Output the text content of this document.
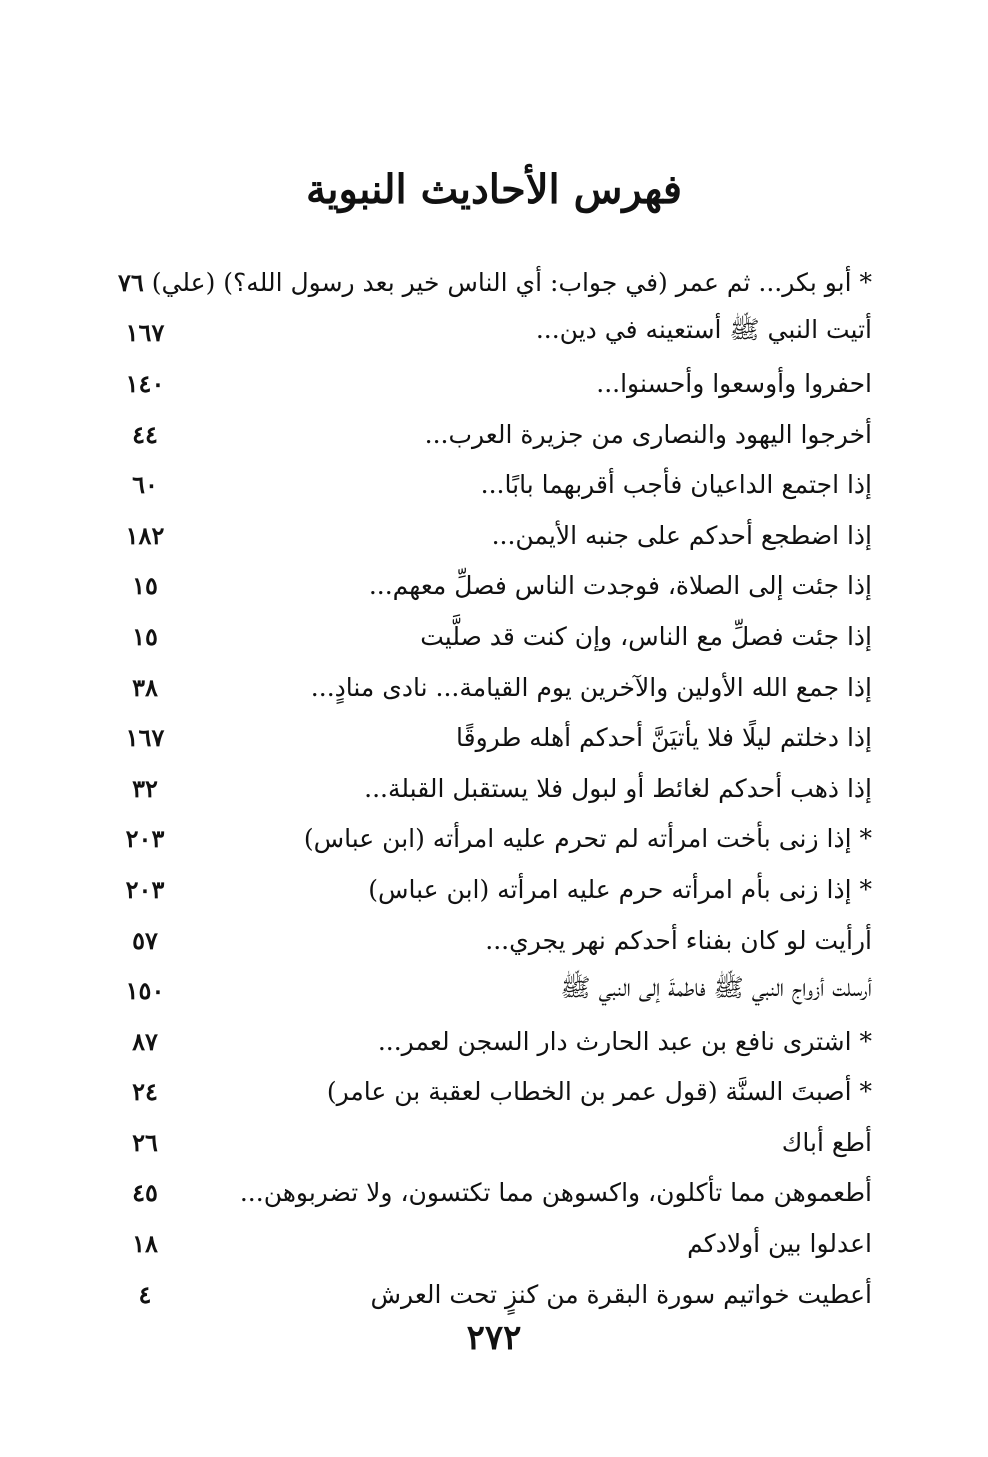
فهرس الأحاديث النبوية
* أبو بكر... ثم عمر (في جواب: أي الناس خير بعد رسول الله؟) (علي)
٧٦
أتيت النبي ﷺ أستعينه في دين...
١٦٧
احفروا وأوسعوا وأحسنوا...
١٤٠
أخرجوا اليهود والنصارى من جزيرة العرب...
٤٤
إذا اجتمع الداعيان فأجب أقربهما بابًا...
٦٠
إذا اضطجع أحدكم على جنبه الأيمن...
١٨٢
إذا جئت إلى الصلاة، فوجدت الناس فصلِّ معهم...
١٥
إذا جئت فصلِّ مع الناس، وإن كنت قد صلَّيت
١٥
إذا جمع الله الأولين والآخرين يوم القيامة... نادى منادٍ...
٣٨
إذا دخلتم ليلًا فلا يأتيَنَّ أحدكم أهله طروقًا
١٦٧
إذا ذهب أحدكم لغائط أو لبول فلا يستقبل القبلة...
٣٢
* إذا زنى بأخت امرأته لم تحرم عليه امرأته (ابن عباس)
٢٠٣
* إذا زنى بأم امرأته حرم عليه امرأته (ابن عباس)
٢٠٣
أرأيت لو كان بفناء أحدكم نهر يجري...
٥٧
أرسلت أزواج النبي ﷺ فاطمةَ إلى النبي ﷺ
١٥٠
* اشترى نافع بن عبد الحارث دار السجن لعمر...
٨٧
* أصبتَ السنَّة (قول عمر بن الخطاب لعقبة بن عامر)
٢٤
أطع أباك
٢٦
أطعموهن مما تأكلون، واكسوهن مما تكتسون، ولا تضربوهن...
٤٥
اعدلوا بين أولادكم
١٨
أعطيت خواتيم سورة البقرة من كنزٍ تحت العرش
٤
٢٧٢
